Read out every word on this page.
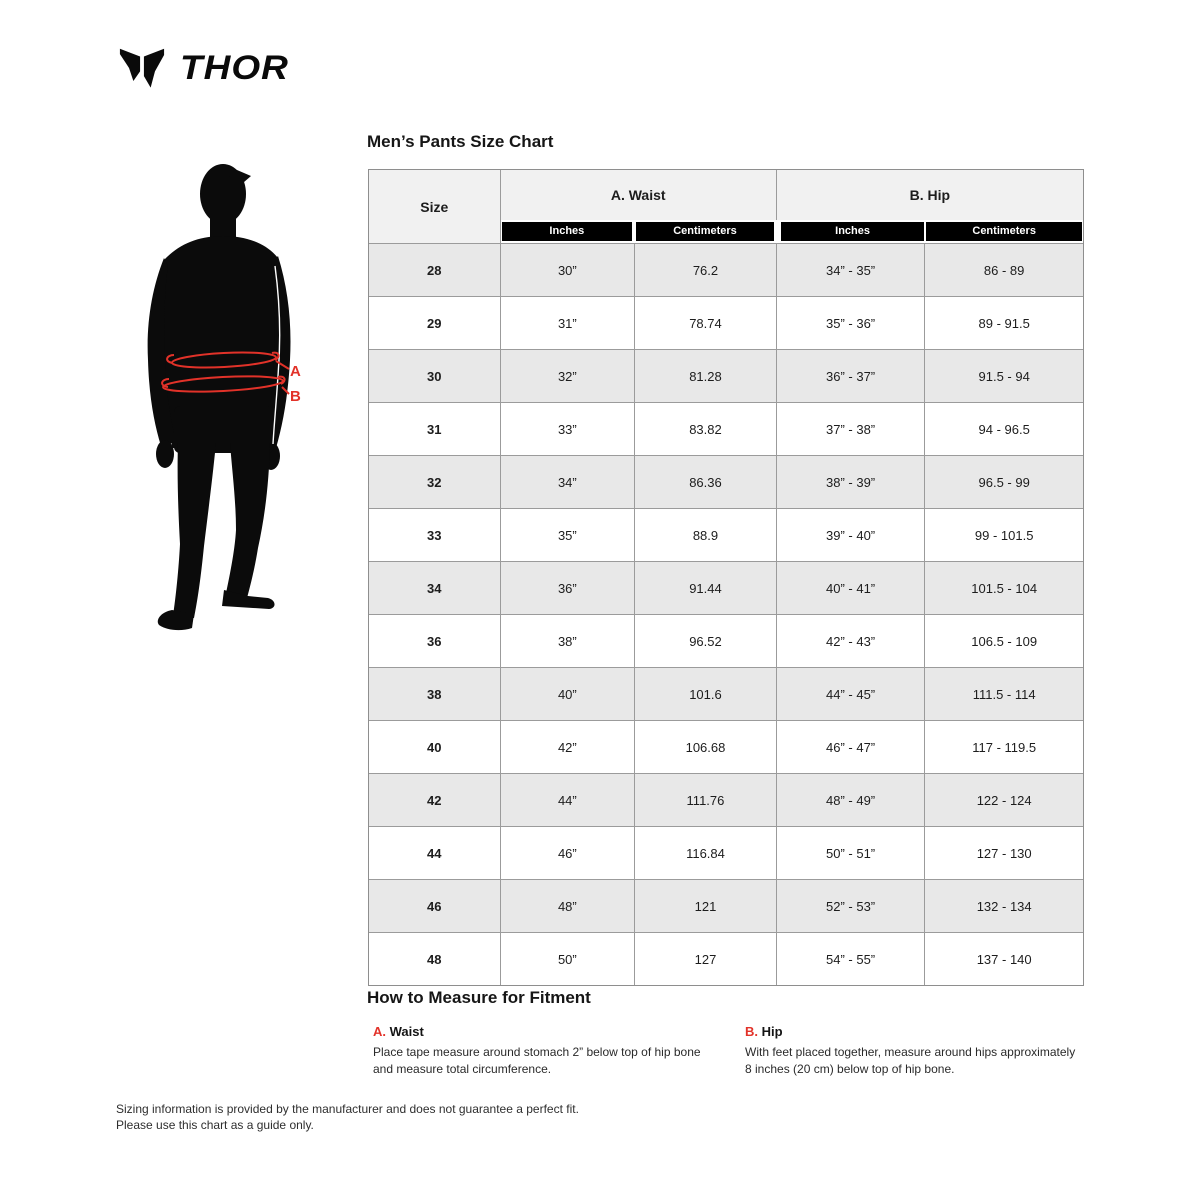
THOR
Men’s Pants Size Chart
A
B
Size	A. Waist		B. Hip	

	Inches	Centimeters	Inches	Centimeters

28	30”	76.2	34” - 35”	86 - 89
29	31”	78.74	35” - 36”	89 - 91.5
30	32”	81.28	36” - 37”	91.5 - 94
31	33”	83.82	37” - 38”	94 - 96.5
32	34”	86.36	38” - 39”	96.5 - 99
33	35”	88.9	39” - 40”	99 - 101.5
34	36”	91.44	40” - 41”	101.5 - 104
36	38”	96.52	42” - 43”	106.5 - 109
38	40”	101.6	44” - 45”	111.5 - 114
40	42”	106.68	46” - 47”	117 - 119.5
42	44”	111.76	48” - 49”	122 - 124
44	46”	116.84	50” - 51”	127 - 130
46	48”	121	52” - 53”	132 - 134
48	50”	127	54” - 55”	137 - 140
How to Measure for Fitment
A. Waist
Place tape measure around stomach 2” below top of hip bone and measure total circumference.
B. Hip
With feet placed together, measure around hips approximately 8 inches (20 cm) below top of hip bone.
Sizing information is provided by the manufacturer and does not guarantee a perfect fit.
Please use this chart as a guide only.
